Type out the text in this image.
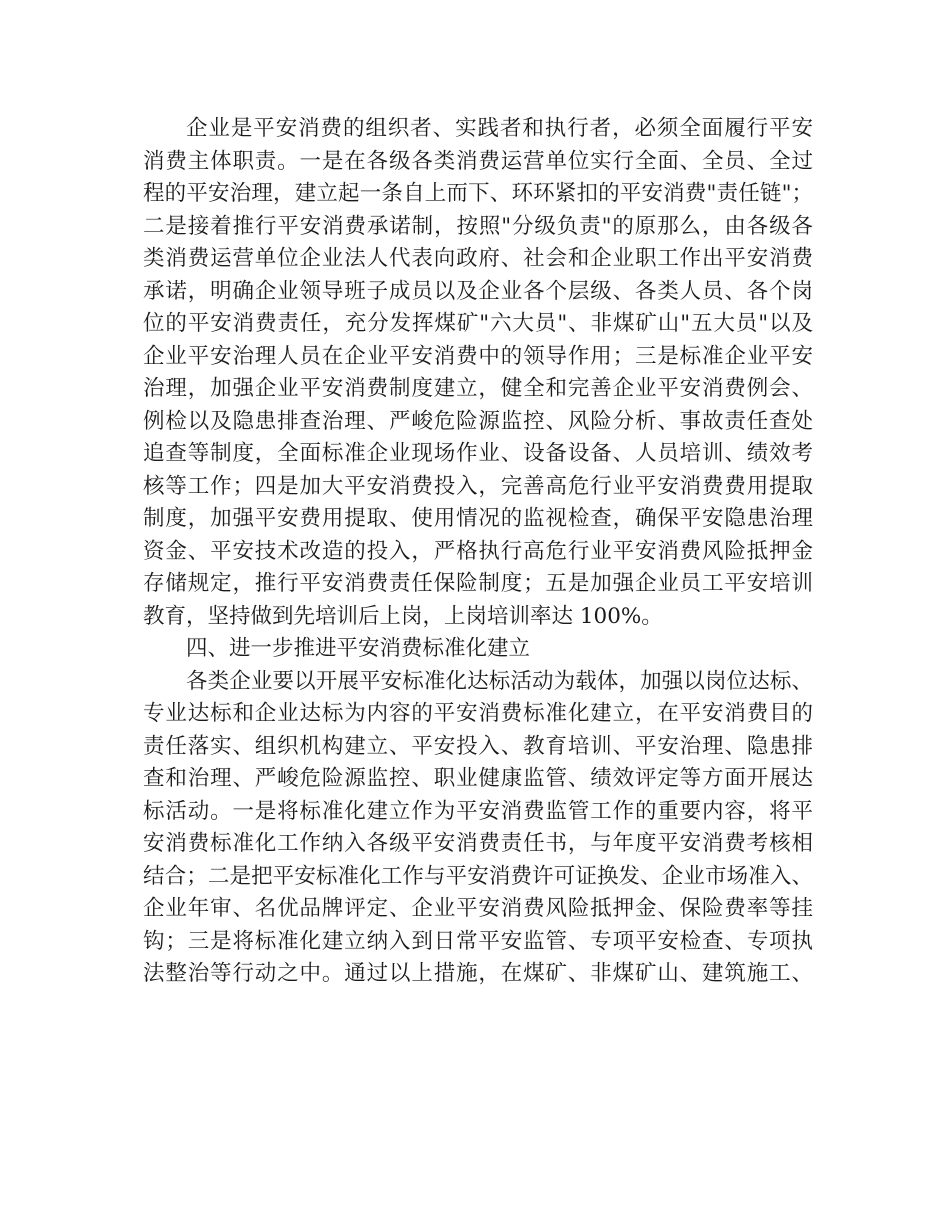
企业是平安消费的组织者、实践者和执行者，必须全面履行平安
消费主体职责。一是在各级各类消费运营单位实行全面、全员、全过
程的平安治理，建立起一条自上而下、环环紧扣的平安消费"责任链"；
二是接着推行平安消费承诺制，按照"分级负责"的原那么，由各级各
类消费运营单位企业法人代表向政府、社会和企业职工作出平安消费
承诺，明确企业领导班子成员以及企业各个层级、各类人员、各个岗
位的平安消费责任，充分发挥煤矿"六大员"、非煤矿山"五大员"以及
企业平安治理人员在企业平安消费中的领导作用；三是标准企业平安
治理，加强企业平安消费制度建立，健全和完善企业平安消费例会、
例检以及隐患排查治理、严峻危险源监控、风险分析、事故责任查处
追查等制度，全面标准企业现场作业、设备设备、人员培训、绩效考
核等工作；四是加大平安消费投入，完善高危行业平安消费费用提取
制度，加强平安费用提取、使用情况的监视检查，确保平安隐患治理
资金、平安技术改造的投入，严格执行高危行业平安消费风险抵押金
存储规定，推行平安消费责任保险制度；五是加强企业员工平安培训
教育，坚持做到先培训后上岗，上岗培训率达 100%。
四、进一步推进平安消费标准化建立
各类企业要以开展平安标准化达标活动为载体，加强以岗位达标、
专业达标和企业达标为内容的平安消费标准化建立，在平安消费目的
责任落实、组织机构建立、平安投入、教育培训、平安治理、隐患排
查和治理、严峻危险源监控、职业健康监管、绩效评定等方面开展达
标活动。一是将标准化建立作为平安消费监管工作的重要内容，将平
安消费标准化工作纳入各级平安消费责任书，与年度平安消费考核相
结合；二是把平安标准化工作与平安消费许可证换发、企业市场准入、
企业年审、名优品牌评定、企业平安消费风险抵押金、保险费率等挂
钩；三是将标准化建立纳入到日常平安监管、专项平安检查、专项执
法整治等行动之中。通过以上措施，在煤矿、非煤矿山、建筑施工、
